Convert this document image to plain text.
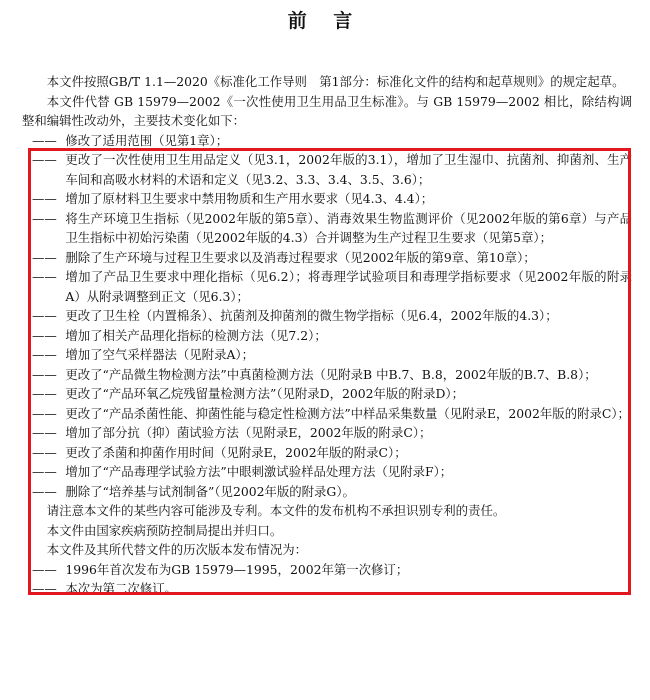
前 言

本文件按照GB/T 1.1—2020《标准化工作导则　第1部分：标准化文件的结构和起草规则》的规定起草。

本文件代替 GB 15979—2002《一次性使用卫生用品卫生标准》。与 GB 15979—2002 相比，除结构调整和编辑性改动外，主要技术变化如下：

—— 修改了适用范围（见第1章）；
—— 更改了一次性使用卫生用品定义（见3.1，2002年版的3.1），增加了卫生湿巾、抗菌剂、抑菌剂、生产车间和高吸水材料的术语和定义（见3.2、3.3、3.4、3.5、3.6）；
—— 增加了原材料卫生要求中禁用物质和生产用水要求（见4.3、4.4）；
—— 将生产环境卫生指标（见2002年版的第5章）、消毒效果生物监测评价（见2002年版的第6章）与产品卫生指标中初始污染菌（见2002年版的4.3）合并调整为生产过程卫生要求（见第5章）；
—— 删除了生产环境与过程卫生要求以及消毒过程要求（见2002年版的第9章、第10章）；
—— 增加了产品卫生要求中理化指标（见6.2）；将毒理学试验项目和毒理学指标要求（见2002年版的附录A）从附录调整到正文（见6.3）；
—— 更改了卫生栓（内置棉条）、抗菌剂及抑菌剂的微生物学指标（见6.4，2002年版的4.3）；
—— 增加了相关产品理化指标的检测方法（见7.2）；
—— 增加了空气采样器法（见附录A）；
—— 更改了“产品微生物检测方法”中真菌检测方法（见附录B 中B.7、B.8，2002年版的B.7、B.8）；
—— 更改了“产品环氧乙烷残留量检测方法”（见附录D，2002年版的附录D）；
—— 更改了“产品杀菌性能、抑菌性能与稳定性检测方法”中样品采集数量（见附录E，2002年版的附录C）；
—— 增加了部分抗（抑）菌试验方法（见附录E，2002年版的附录C）；
—— 更改了杀菌和抑菌作用时间（见附录E，2002年版的附录C）；
—— 增加了“产品毒理学试验方法”中眼刺激试验样品处理方法（见附录F）；
—— 删除了“培养基与试剂制备”（见2002年版的附录G）。

请注意本文件的某些内容可能涉及专利。本文件的发布机构不承担识别专利的责任。

本文件由国家疾病预防控制局提出并归口。

本文件及其所代替文件的历次版本发布情况为：

—— 1996年首次发布为GB 15979—1995，2002年第一次修订；
—— 本次为第二次修订。
